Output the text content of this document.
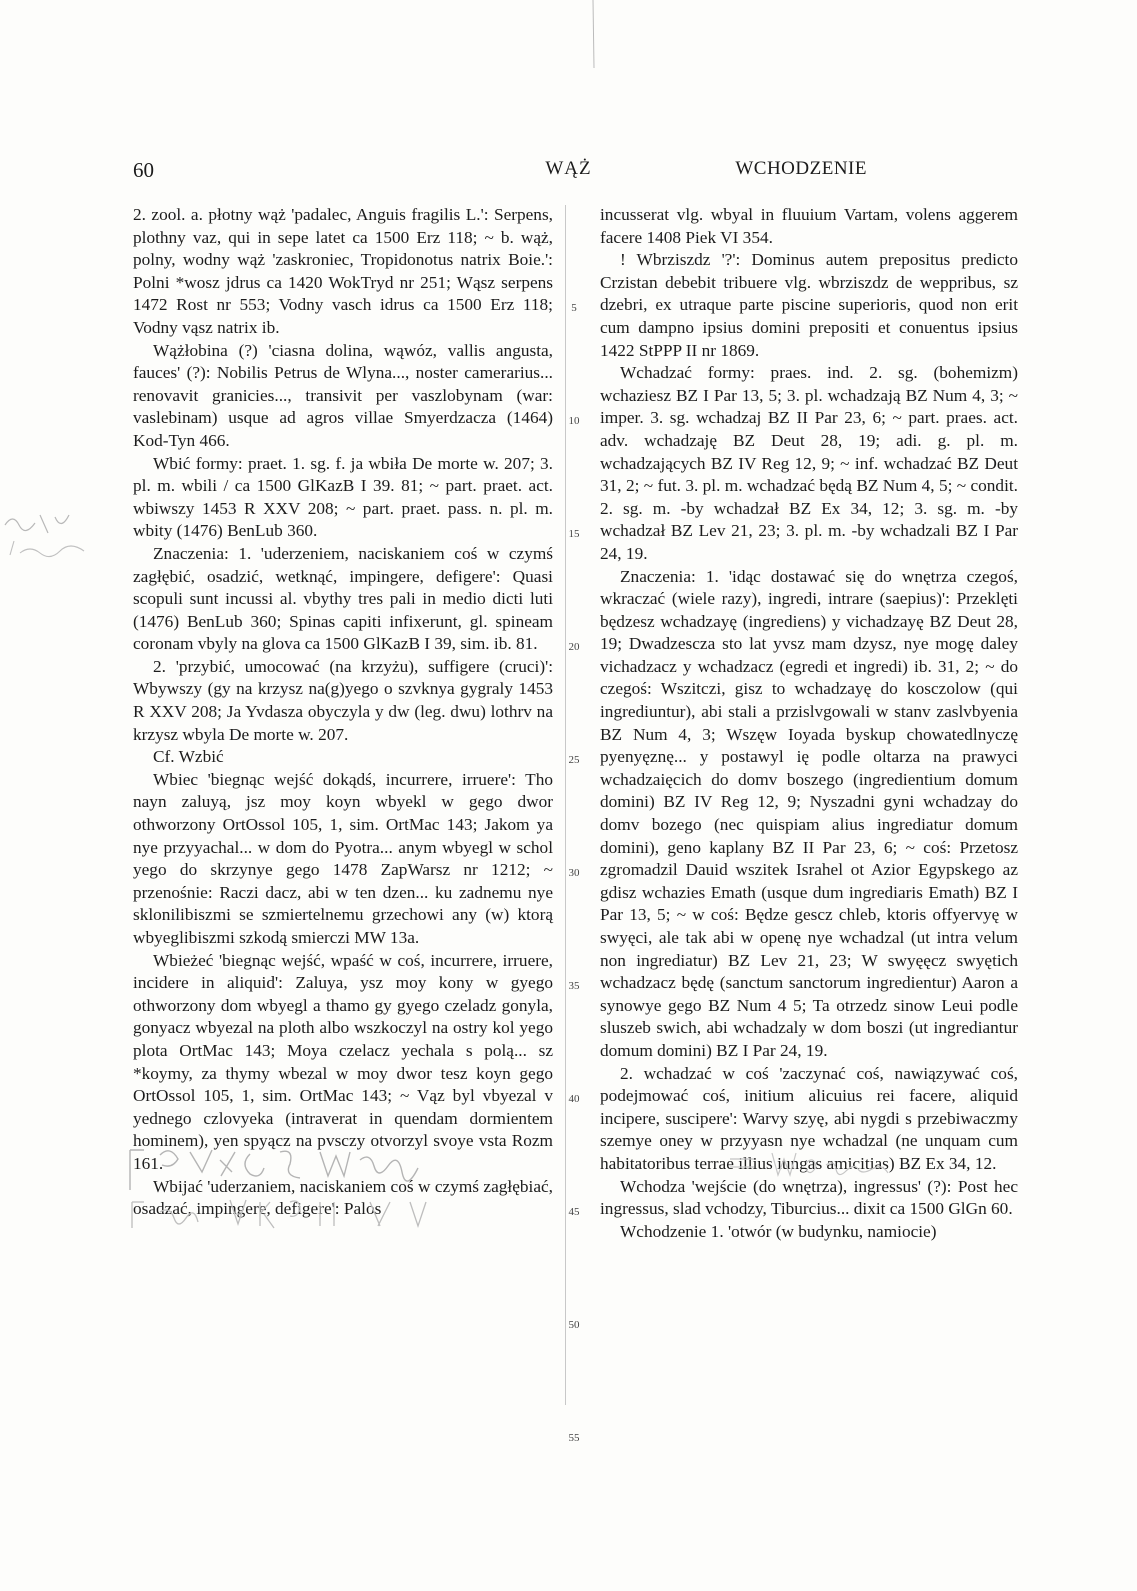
60	WĄŻ	WCHODZENIE

2. zool. a. płotny wąż 'padalec, Anguis fragilis L.': Serpens, plothny vaz, qui in sepe latet ca 1500 Erz 118; ~ b. wąż, polny, wodny wąż 'zaskroniec, Tropidonotus natrix Boie.': Polni *wosz jdrus ca 1420 WokTryd nr 251; Wąsz serpens 1472 Rost nr 553; Vodny vasch idrus ca 1500 Erz 118; Vodny vąsz natrix ib.

Wążłobina (?) 'ciasna dolina, wąwóz, vallis angusta, fauces' (?): Nobilis Petrus de Wlyna..., noster camerarius... renovavit granicies..., transivit per vaszlobynam (war: vaslebinam) usque ad agros villae Smyerdzacza (1464) Kod-Tyn 466.

Wbić formy: praet. 1. sg. f. ja wbiła De morte w. 207; 3. pl. m. wbili / ca 1500 GlKazB I 39. 81; ~ part. praet. act. wbiwszy 1453 R XXV 208; ~ part. praet. pass. n. pl. m. wbity (1476) BenLub 360.

Znaczenia: 1. 'uderzeniem, naciskaniem coś w czymś zagłębić, osadzić, wetknąć, impingere, defigere': Quasi scopuli sunt incussi al. vbythy tres pali in medio dicti luti (1476) BenLub 360; Spinas capiti infixerunt, gl. spineam coronam vbyly na glova ca 1500 GlKazB I 39, sim. ib. 81.

2. 'przybić, umocować (na krzyżu), suffigere (cruci)': Wbywszy (gy na krzysz na(g)yego o szvknya gygraly 1453 R XXV 208; Ja Yvdasza obyczyla y dw (leg. dwu) lothrv na krzysz wbyla De morte w. 207.

Cf. Wzbić

Wbiec 'biegnąc wejść dokądś, incurrere, irruere': Tho nayn zaluyą, jsz moy koyn wbyekl w gego dwor othworzony OrtOssol 105, 1, sim. OrtMac 143; Jakom ya nye przyyachal... w dom do Pyotra... anym wbyegl w schol yego do skrzynye gego 1478 ZapWarsz nr 1212; ~ przenośnie: Raczi dacz, abi w ten dzen... ku zadnemu nye sklonilibiszmi se szmiertelnemu grzechowi any (w) ktorą wbyeglibiszmi szkodą smierczi MW 13a.

Wbieżeć 'biegnąc wejść, wpaść w coś, incurrere, irruere, incidere in aliquid': Zaluya, ysz moy kony w gyego othworzony dom wbyegl a thamo gy gyego czeladz gonyla, gonyacz wbyezal na ploth albo wszkoczyl na ostry kol yego plota OrtMac 143; Moya czelacz yechala s polą... sz *koymy, za thymy wbezal w moy dwor tesz koyn gego OrtOssol 105, 1, sim. OrtMac 143; ~ Vąz byl vbyezal v yednego czlovyeka (intraverat in quendam dormientem hominem), yen spyącz na pvsczy otvorzyl svoye vsta Rozm 161.

Wbijać 'uderzaniem, naciskaniem coś w czymś zagłębiać, osadzać, impingere, defigere': Palos

5
10
15
20
25
30
35
40
45
50
55

incusserat vlg. wbyal in fluuium Vartam, volens aggerem facere 1408 Piek VI 354.

! Wbrziszdz '?': Dominus autem prepositus predicto Crzistan debebit tribuere vlg. wbrziszdz de weppribus, sz dzebri, ex utraque parte piscine superioris, quod non erit cum dampno ipsius domini prepositi et conuentus ipsius 1422 StPPP II nr 1869.

Wchadzać formy: praes. ind. 2. sg. (bohemizm) wchaziesz BZ I Par 13, 5; 3. pl. wchadzają BZ Num 4, 3; ~ imper. 3. sg. wchadzaj BZ II Par 23, 6; ~ part. praes. act. adv. wchadzaję BZ Deut 28, 19; adi. g. pl. m. wchadzających BZ IV Reg 12, 9; ~ inf. wchadzać BZ Deut 31, 2; ~ fut. 3. pl. m. wchadzać będą BZ Num 4, 5; ~ condit. 2. sg. m. -by wchadzał BZ Ex 34, 12; 3. sg. m. -by wchadzał BZ Lev 21, 23; 3. pl. m. -by wchadzali BZ I Par 24, 19.

Znaczenia: 1. 'idąc dostawać się do wnętrza czegoś, wkraczać (wiele razy), ingredi, intrare (saepius)': Przeklęti będzesz wchadzayę (ingrediens) y vichadzayę BZ Deut 28, 19; Dwadzescza sto lat yvsz mam dzysz, nye mogę daley vichadzacz y wchadzacz (egredi et ingredi) ib. 31, 2; ~ do czegoś: Wszitczi, gisz to wchadzayę do kosczolow (qui ingrediuntur), abi stali a przislvgowali w stanv zaslvbyenia BZ Num 4, 3; Wszęw Ioyada byskup chowatedlnyczę pyenyęznę... y postawyl ię podle oltarza na prawyci wchadzaięcich do domv boszego (ingredientium domum domini) BZ IV Reg 12, 9; Nyszadni gyni wchadzay do domv bozego (nec quispiam alius ingrediatur domum domini), geno kaplany BZ II Par 23, 6; ~ coś: Przetosz zgromadzil Dauid wszitek Israhel ot Azior Egypskego az gdisz wchazies Emath (usque dum ingrediaris Emath) BZ I Par 13, 5; ~ w coś: Będze gescz chleb, ktoris offyervyę w swyęci, ale tak abi w openę nye wchadzal (ut intra velum non ingrediatur) BZ Lev 21, 23; W swyęęcz swyętich wchadzacz będę (sanctum sanctorum ingredientur) Aaron a synowye gego BZ Num 4 5; Ta otrzedz sinow Leui podle sluszeb swich, abi wchadzaly w dom boszi (ut ingrediantur domum domini) BZ I Par 24, 19.

2. wchadzać w coś 'zaczynać coś, nawiązywać coś, podejmować coś, initium alicuius rei facere, aliquid incipere, suscipere': Warvy szyę, abi nygdi s przebiwaczmy szemye oney w przyyasn nye wchadzal (ne unquam cum habitatoribus terrae illius iungas amicitias) BZ Ex 34, 12.

Wchodza 'wejście (do wnętrza), ingressus' (?): Post hec ingressus, slad vchodzy, Tiburcius... dixit ca 1500 GlGn 60.

Wchodzenie 1. 'otwór (w budynku, namiocie)
